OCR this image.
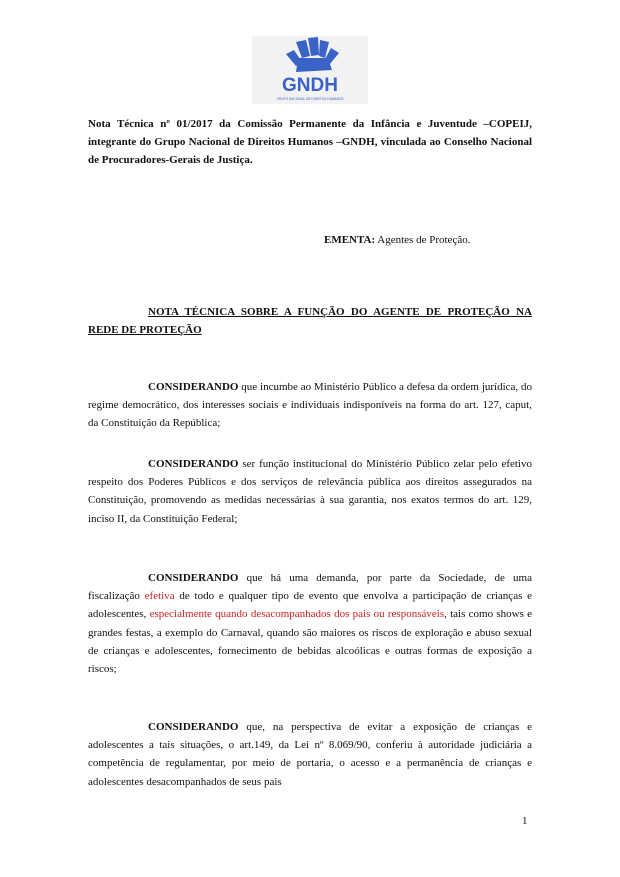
GNDH
GRUPO NACIONAL DE DIREITOS HUMANOS
Nota Técnica nº 01/2017 da Comissão Permanente da Infância e Juventude –COPEIJ, integrante do Grupo Nacional de Direitos Humanos –GNDH, vinculada ao Conselho Nacional de Procuradores-Gerais de Justiça.
EMENTA: Agentes de Proteção.
NOTA TÉCNICA SOBRE A FUNÇÃO DO AGENTE DE PROTEÇÃO NA REDE DE PROTEÇÃO
CONSIDERANDO que incumbe ao Ministério Público a defesa da ordem jurídica, do regime democrático, dos interesses sociais e individuais indisponíveis na forma do art. 127, caput, da Constituição da República;
CONSIDERANDO ser função institucional do Ministério Público zelar pelo efetivo respeito dos Poderes Públicos e dos serviços de relevância pública aos direitos assegurados na Constituição, promovendo as medidas necessárias à sua garantia, nos exatos termos do art. 129, inciso II, da Constituição Federal;
CONSIDERANDO que há uma demanda, por parte da Sociedade, de uma fiscalização efetiva de todo e qualquer tipo de evento que envolva a participação de crianças e adolescentes, especialmente quando desacompanhados dos pais ou responsáveis, tais como shows e grandes festas, a exemplo do Carnaval, quando são maiores os riscos de exploração e abuso sexual de crianças e adolescentes, fornecimento de bebidas alcoólicas e outras formas de exposição a riscos;
CONSIDERANDO que, na perspectiva de evitar a exposição de crianças e adolescentes a tais situações, o art.149, da Lei nº 8.069/90, conferiu à autoridade judiciária a competência de regulamentar, por meio de portaria, o acesso e a permanência de crianças e adolescentes desacompanhados de seus pais
1
